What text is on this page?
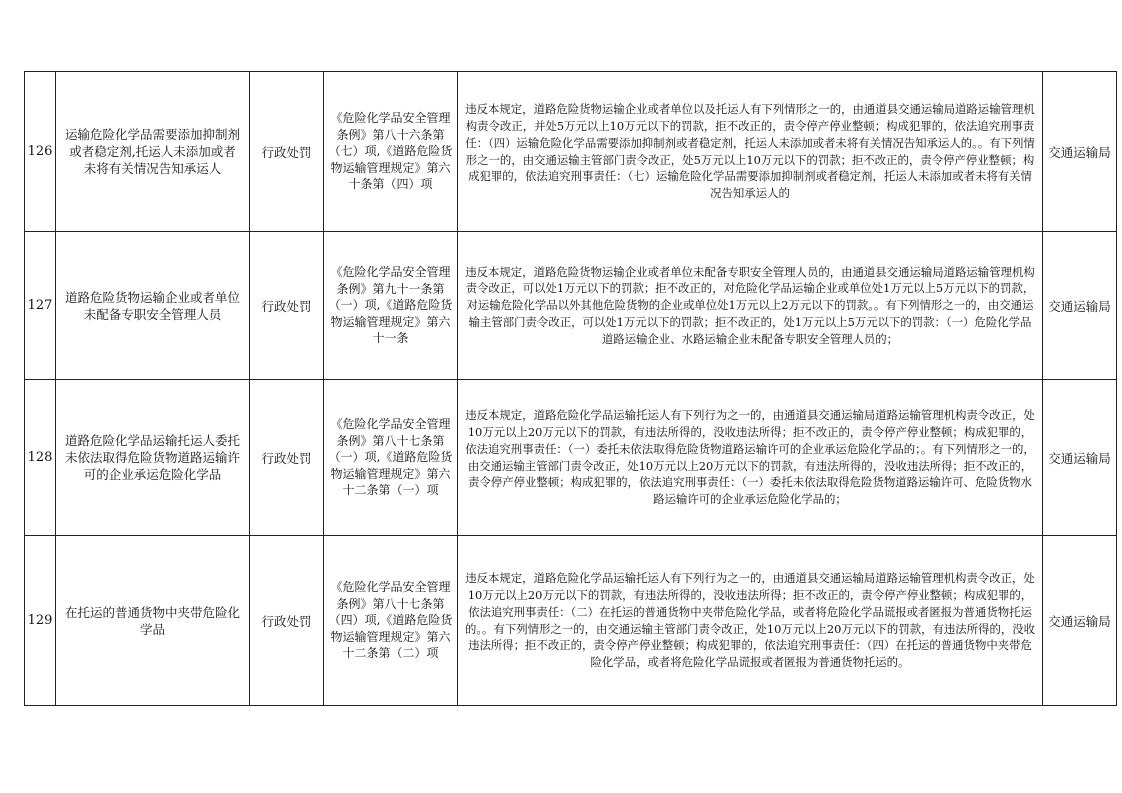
126	运输危险化学品需要添加抑制剂或者稳定剂,托运人未添加或者未将有关情况告知承运人	行政处罚	《危险化学品安全管理条例》第八十六条第（七）项,《道路危险货物运输管理规定》第六十条第（四）项	违反本规定，道路危险货物运输企业或者单位以及托运人有下列情形之一的，由通道县交通运输局道路运输管理机构责令改正，并处5万元以上10万元以下的罚款，拒不改正的，责令停产停业整顿；构成犯罪的，依法追究刑事责任：（四）运输危险化学品需要添加抑制剂或者稳定剂，托运人未添加或者未将有关情况告知承运人的。。有下列情形之一的，由交通运输主管部门责令改正，处5万元以上10万元以下的罚款；拒不改正的，责令停产停业整顿；构成犯罪的，依法追究刑事责任：（七）运输危险化学品需要添加抑制剂或者稳定剂，托运人未添加或者未将有关情况告知承运人的	交通运输局
127	道路危险货物运输企业或者单位未配备专职安全管理人员	行政处罚	《危险化学品安全管理条例》第九十一条第（一）项,《道路危险货物运输管理规定》第六十一条	违反本规定，道路危险货物运输企业或者单位未配备专职安全管理人员的，由通道县交通运输局道路运输管理机构责令改正，可以处1万元以下的罚款；拒不改正的，对危险化学品运输企业或单位处1万元以上5万元以下的罚款，对运输危险化学品以外其他危险货物的企业或单位处1万元以上2万元以下的罚款。。有下列情形之一的，由交通运输主管部门责令改正，可以处1万元以下的罚款；拒不改正的，处1万元以上5万元以下的罚款：（一）危险化学品道路运输企业、水路运输企业未配备专职安全管理人员的；	交通运输局
128	道路危险化学品运输托运人委托未依法取得危险货物道路运输许可的企业承运危险化学品	行政处罚	《危险化学品安全管理条例》第八十七条第（一）项,《道路危险货物运输管理规定》第六十二条第（一）项	违反本规定，道路危险化学品运输托运人有下列行为之一的，由通道县交通运输局道路运输管理机构责令改正，处10万元以上20万元以下的罚款，有违法所得的，没收违法所得；拒不改正的，责令停产停业整顿；构成犯罪的，依法追究刑事责任：（一）委托未依法取得危险货物道路运输许可的企业承运危险化学品的；。有下列情形之一的，由交通运输主管部门责令改正，处10万元以上20万元以下的罚款，有违法所得的，没收违法所得；拒不改正的，责令停产停业整顿；构成犯罪的，依法追究刑事责任：（一）委托未依法取得危险货物道路运输许可、危险货物水路运输许可的企业承运危险化学品的；	交通运输局
129	在托运的普通货物中夹带危险化学品	行政处罚	《危险化学品安全管理条例》第八十七条第（四）项,《道路危险货物运输管理规定》第六十二条第（二）项	违反本规定，道路危险化学品运输托运人有下列行为之一的，由通道县交通运输局道路运输管理机构责令改正，处10万元以上20万元以下的罚款，有违法所得的，没收违法所得；拒不改正的，责令停产停业整顿；构成犯罪的，依法追究刑事责任：（二）在托运的普通货物中夹带危险化学品，或者将危险化学品谎报或者匿报为普通货物托运的。。有下列情形之一的，由交通运输主管部门责令改正，处10万元以上20万元以下的罚款，有违法所得的，没收违法所得；拒不改正的，责令停产停业整顿；构成犯罪的，依法追究刑事责任：（四）在托运的普通货物中夹带危险化学品，或者将危险化学品谎报或者匿报为普通货物托运的。	交通运输局
